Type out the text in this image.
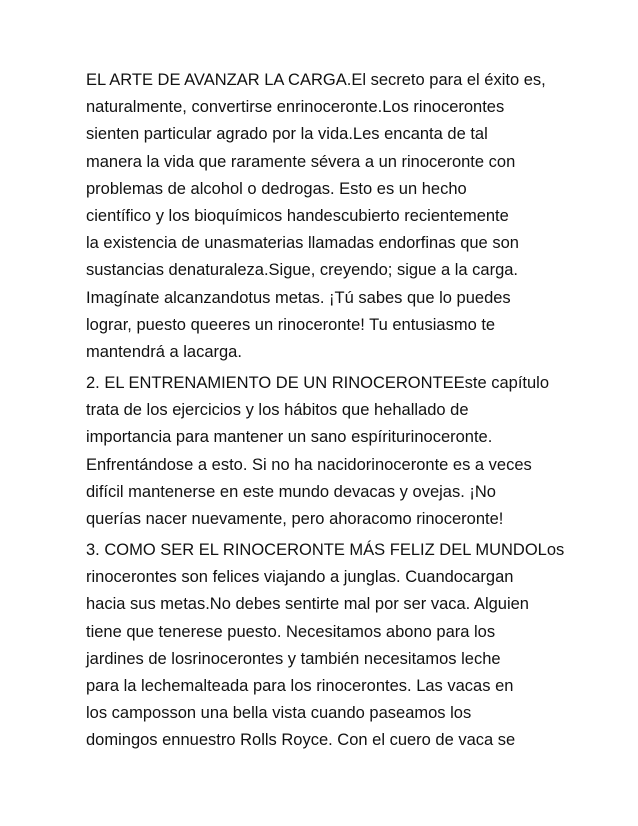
EL ARTE DE AVANZAR LA CARGA.El secreto para el éxito es,
naturalmente, convertirse enrinoceronte.Los rinocerontes
sienten particular agrado por la vida.Les encanta de tal
manera la vida que raramente sévera a un rinoceronte con
problemas de alcohol o dedrogas. Esto es un hecho
científico y los bioquímicos handescubierto recientemente
la existencia de unasmaterias llamadas endorfinas que son
sustancias denaturaleza.Sigue, creyendo; sigue a la carga.
Imagínate alcanzandotus metas. ¡Tú sabes que lo puedes
lograr, puesto queeres un rinoceronte! Tu entusiasmo te
mantendrá a lacarga.
2. EL ENTRENAMIENTO DE UN RINOCERONTEEste capítulo
trata de los ejercicios y los hábitos que hehallado de
importancia para mantener un sano espíriturinoceronte.
Enfrentándose a esto. Si no ha nacidorinoceronte es a veces
difícil mantenerse en este mundo devacas y ovejas. ¡No
querías nacer nuevamente, pero ahoracomo rinoceronte!
3. COMO SER EL RINOCERONTE MÁS FELIZ DEL MUNDOLos
rinocerontes son felices viajando a junglas. Cuandocargan
hacia sus metas.No debes sentirte mal por ser vaca. Alguien
tiene que tenerese puesto. Necesitamos abono para los
jardines de losrinocerontes y también necesitamos leche
para la lechemalteada para los rinocerontes. Las vacas en
los camposson una bella vista cuando paseamos los
domingos ennuestro Rolls Royce. Con el cuero de vaca se
